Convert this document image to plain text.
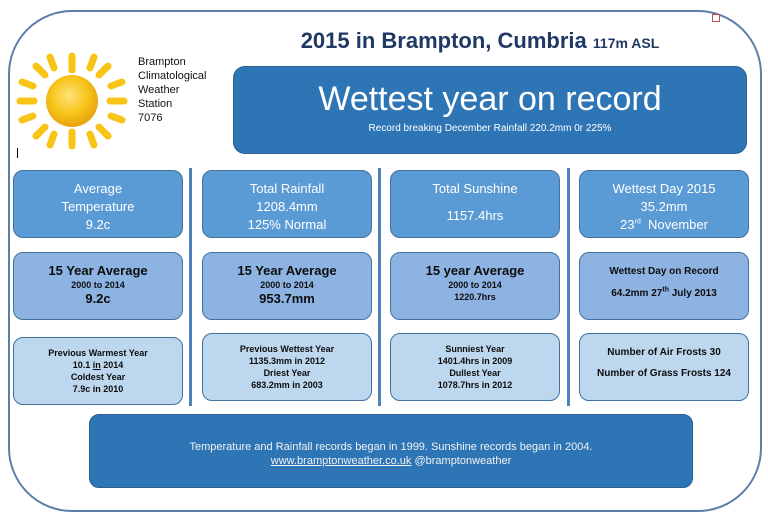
Brampton
Climatological
Weather
Station
7076
2015 in Brampton, Cumbria 117m ASL
Wettest year on record
Record breaking December Rainfall 220.2mm 0r 225%
Average
Temperature
9.2c
15 Year Average
2000 to 2014
9.2c
Previous Warmest Year
10.1 in 2014
Coldest Year
7.9c in 2010
Total Rainfall
1208.4mm
125% Normal
15 Year Average
2000 to 2014
953.7mm
Previous Wettest Year
1135.3mm in 2012
Driest Year
683.2mm in 2003
Total Sunshine
1157.4hrs
15 year Average
2000 to 2014
1220.7hrs
Sunniest Year
1401.4hrs in 2009
Dullest Year
1078.7hrs in 2012
Wettest Day 2015
35.2mm
23rd  November
Wettest Day on Record
64.2mm 27th July 2013
Number of Air Frosts 30
Number of Grass Frosts 124
Temperature and Rainfall records began in 1999. Sunshine records began in 2004.
www.bramptonweather.co.uk @bramptonweather
